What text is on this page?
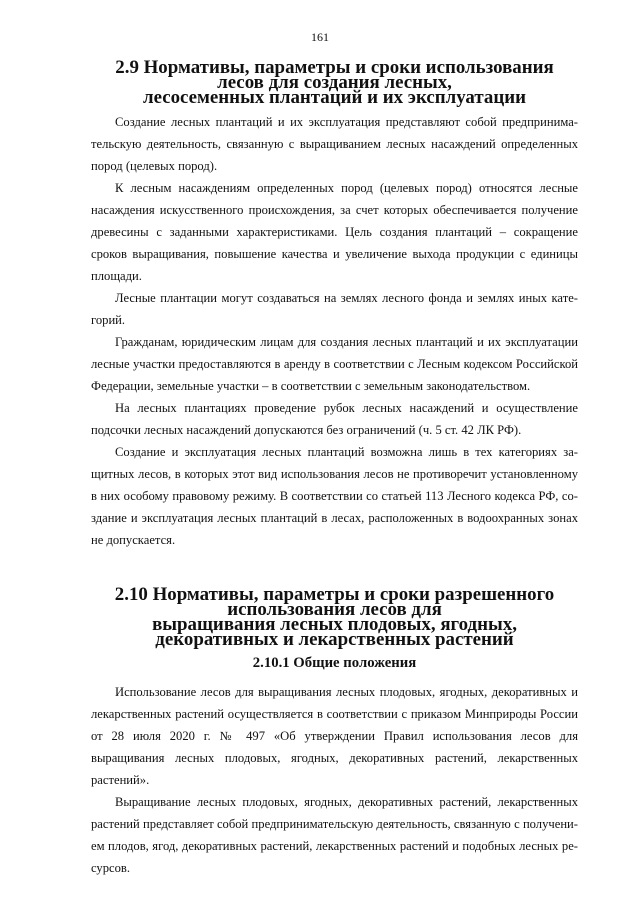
161
2.9 Нормативы, параметры и сроки использования лесов для создания лесных,
лесосеменных плантаций и их эксплуатации

Создание лесных плантаций и их эксплуатация представляют собой предпринимательскую деятельность, связанную с выращиванием лесных насаждений определенных пород (целевых пород).

К лесным насаждениям определенных пород (целевых пород) относятся лесные насаждения искусственного происхождения, за счет которых обеспечивается получение древесины с заданными характеристиками. Цель создания плантаций – сокращение сроков выращивания, повышение качества и увеличение выхода продукции с единицы площади.

Лесные плантации могут создаваться на землях лесного фонда и землях иных категорий.

Гражданам, юридическим лицам для создания лесных плантаций и их эксплуатации лесные участки предоставляются в аренду в соответствии с Лесным кодексом Российской Федерации, земельные участки – в соответствии с земельным законодательством.

На лесных плантациях проведение рубок лесных насаждений и осуществление подсочки лесных насаждений допускаются без ограничений (ч. 5 ст. 42 ЛК РФ).

Создание и эксплуатация лесных плантаций возможна лишь в тех категориях защитных лесов, в которых этот вид использования лесов не противоречит установленному в них особому правовому режиму. В соответствии со статьей 113 Лесного кодекса РФ, создание и эксплуатация лесных плантаций в лесах, расположенных в водоохранных зонах не допускается.

2.10 Нормативы, параметры и сроки разрешенного использования лесов для
выращивания лесных плодовых, ягодных, декоративных и лекарственных растений
2.10.1 Общие положения

Использование лесов для выращивания лесных плодовых, ягодных, декоративных и лекарственных растений осуществляется в соответствии с приказом Минприроды России от 28 июля 2020 г. № 497 «Об утверждении Правил использования лесов для выращивания лесных плодовых, ягодных, декоративных растений, лекарственных растений».

Выращивание лесных плодовых, ягодных, декоративных растений, лекарственных растений представляет собой предпринимательскую деятельность, связанную с получением плодов, ягод, декоративных растений, лекарственных растений и подобных лесных ресурсов.
